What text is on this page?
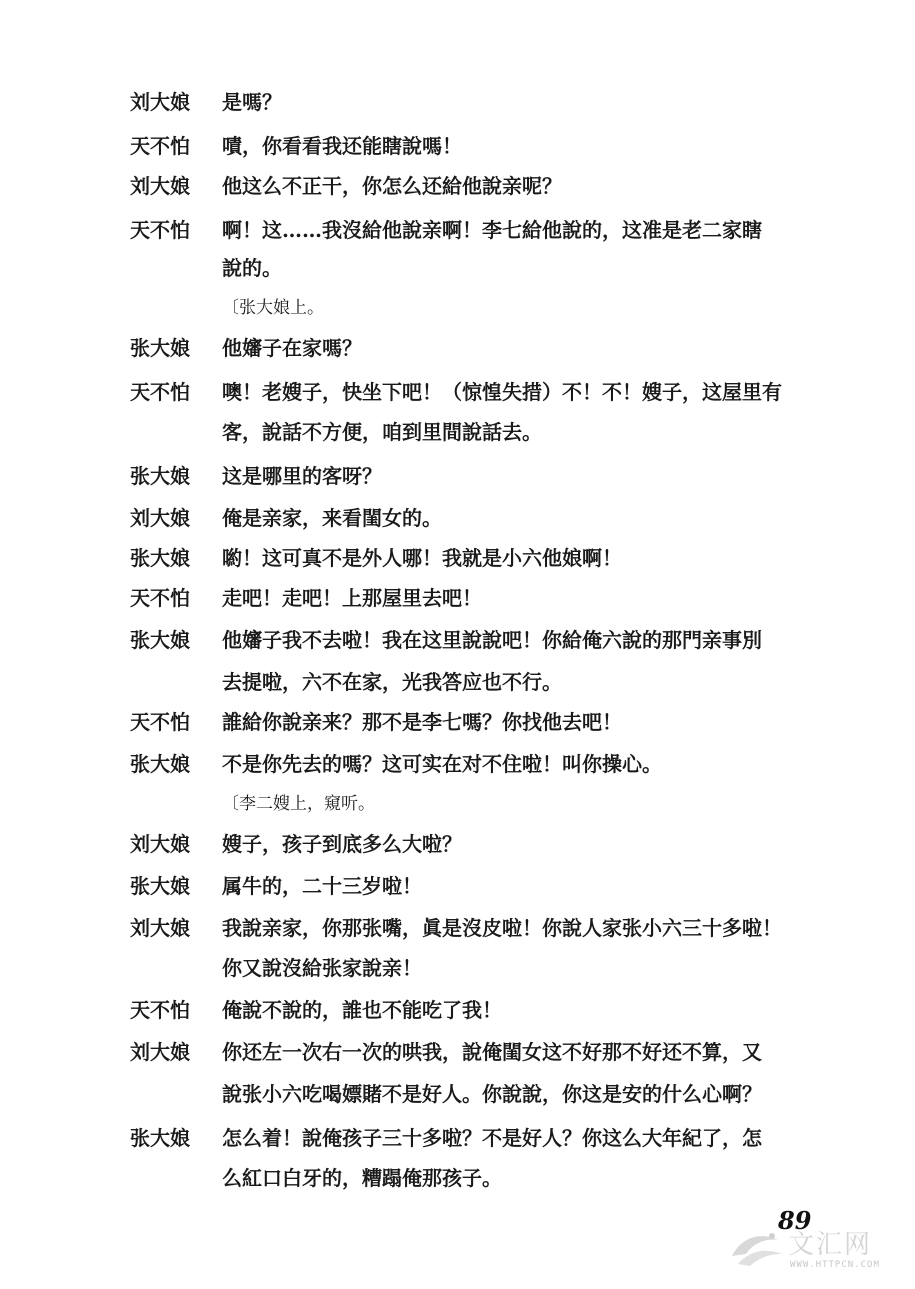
刘大娘	是嗎？
天不怕	嘖，你看看我还能瞎說嗎！
刘大娘	他这么不正干，你怎么还給他說亲呢？
天不怕	啊！这……我沒給他說亲啊！李七給他說的，这准是老二家瞎
說的。
〔张大娘上。
张大娘	他嬸子在家嗎？
天不怕	噢！老嫂子，快坐下吧！（惊惶失措）不！不！嫂子，这屋里有
客，說話不方便，咱到里間說話去。
张大娘	这是哪里的客呀？
刘大娘	俺是亲家，来看閨女的。
张大娘	喲！这可真不是外人哪！我就是小六他娘啊！
天不怕	走吧！走吧！上那屋里去吧！
张大娘	他嬸子我不去啦！我在这里說說吧！你給俺六說的那門亲事別
去提啦，六不在家，光我答应也不行。
天不怕	誰給你說亲来？那不是李七嗎？你找他去吧！
张大娘	不是你先去的嗎？这可实在对不住啦！叫你操心。
〔李二嫂上，窺听。
刘大娘	嫂子，孩子到底多么大啦？
张大娘	属牛的，二十三岁啦！
刘大娘	我說亲家，你那张嘴，眞是沒皮啦！你說人家张小六三十多啦！
你又說沒給张家說亲！
天不怕	俺說不說的，誰也不能吃了我！
刘大娘	你还左一次右一次的哄我，說俺閨女这不好那不好还不算，又
說张小六吃喝嫖賭不是好人。你說說，你这是安的什么心啊？
张大娘	怎么着！說俺孩子三十多啦？不是好人？你这么大年紀了，怎
么紅口白牙的，糟蹋俺那孩子。
89
文汇网
WWW.HTTPCN.COM
